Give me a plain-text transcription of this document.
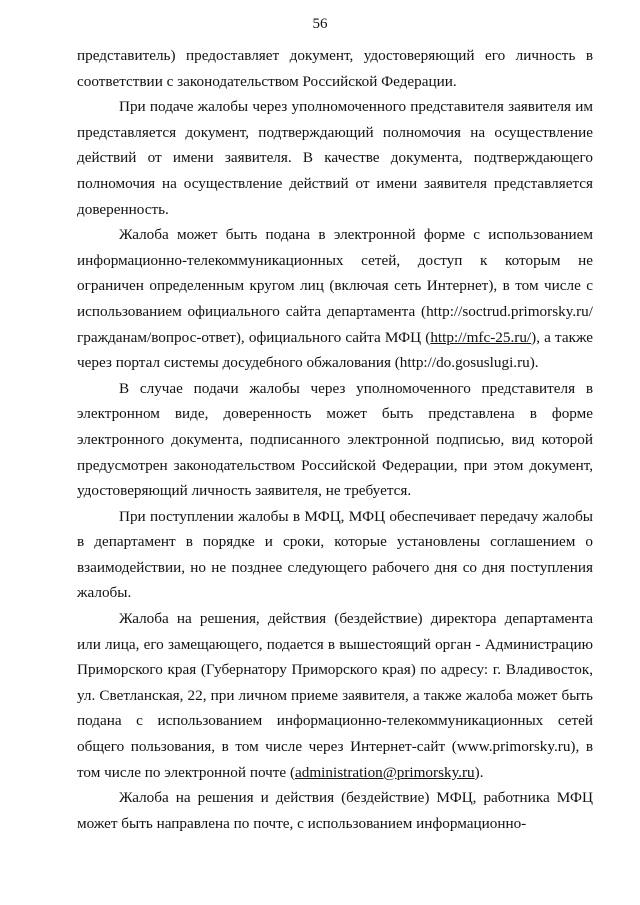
56

представитель) предоставляет документ, удостоверяющий его личность в соответствии с законодательством Российской Федерации.

При подаче жалобы через уполномоченного представителя заявителя им представляется документ, подтверждающий полномочия на осуществление действий от имени заявителя. В качестве документа, подтверждающего полномочия на осуществление действий от имени заявителя представляется доверенность.

Жалоба может быть подана в электронной форме с использованием информационно-телекоммуникационных сетей, доступ к которым не ограничен определенным кругом лиц (включая сеть Интернет), в том числе с использованием официального сайта департамента (http://soctrud.primorsky.ru/ гражданам/вопрос-ответ), официального сайта МФЦ (http://mfc-25.ru/), а также через портал системы досудебного обжалования (http://do.gosuslugi.ru).

В случае подачи жалобы через уполномоченного представителя в электронном виде, доверенность может быть представлена в форме электронного документа, подписанного электронной подписью, вид которой предусмотрен законодательством Российской Федерации, при этом документ, удостоверяющий личность заявителя, не требуется.

При поступлении жалобы в МФЦ, МФЦ обеспечивает передачу жалобы в департамент в порядке и сроки, которые установлены соглашением о взаимодействии, но не позднее следующего рабочего дня со дня поступления жалобы.

Жалоба на решения, действия (бездействие) директора департамента или лица, его замещающего, подается в вышестоящий орган - Администрацию Приморского края (Губернатору Приморского края) по адресу: г. Владивосток, ул. Светланская, 22, при личном приеме заявителя, а также жалоба может быть подана с использованием информационно-телекоммуникационных сетей общего пользования, в том числе через Интернет-сайт (www.primorsky.ru), в том числе по электронной почте (administration@primorsky.ru).

Жалоба на решения и действия (бездействие) МФЦ, работника МФЦ может быть направлена по почте, с использованием информационно-
